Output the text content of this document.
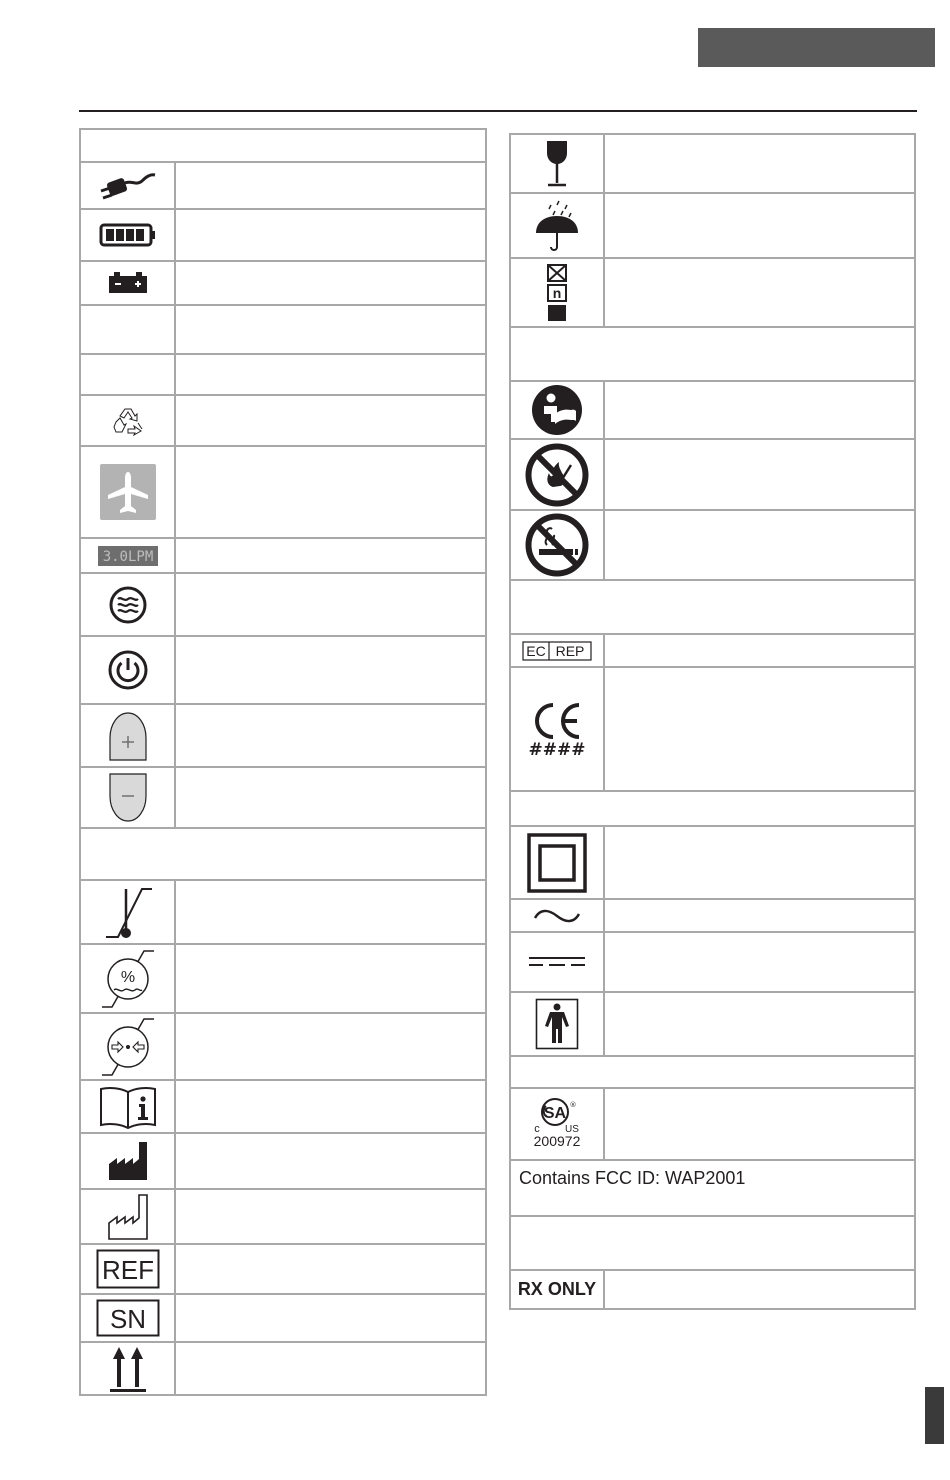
3.0LPM
%
REF
SN
n
EC REP
####
SA ®
c	US
200972
Contains FCC ID: WAP2001
RX ONLY
